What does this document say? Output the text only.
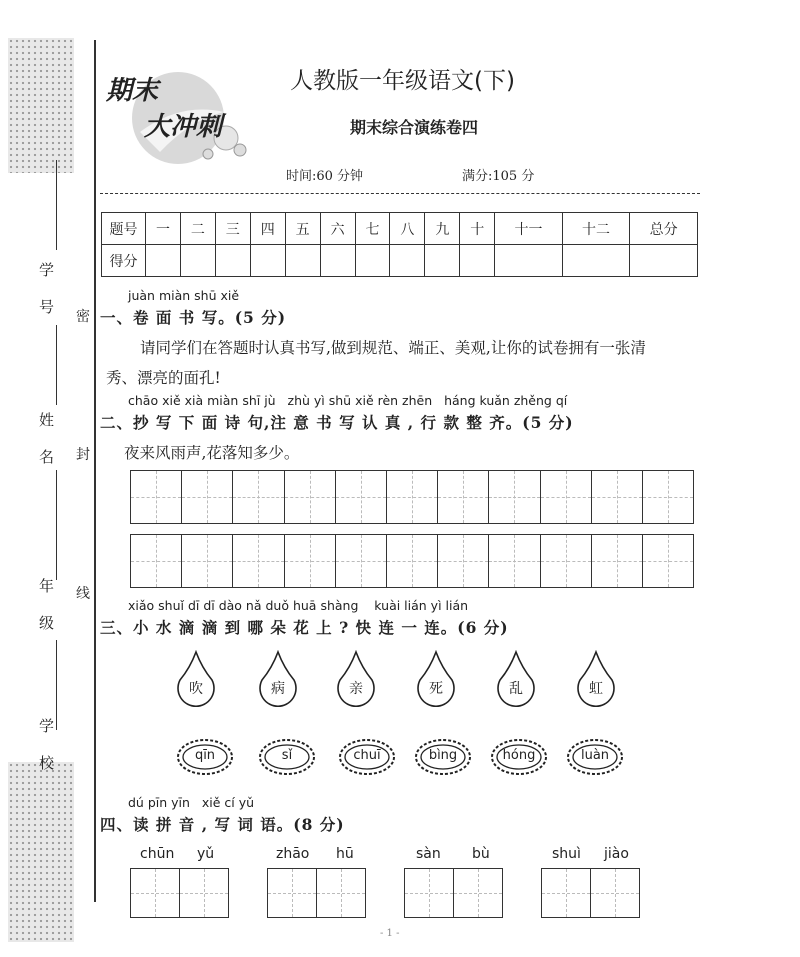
学号
姓名
年级
学校
密
封
线
期末
大冲刺
人教版一年级语文(下)
期末综合演练卷四
时间:60 分钟	满分:105 分
题号	一	二	三	四	五	六	七	八	九	十	十一	十二	总分
得分													
juàn miàn shū xiě
一、卷 面 书 写。(5 分)
请同学们在答题时认真书写,做到规范、端正、美观,让你的试卷拥有一张清
秀、漂亮的面孔!
chāo xiě xià miàn shī jù   zhù yì shū xiě rèn zhēn   háng kuǎn zhěng qí
二、抄 写 下 面 诗 句,注 意 书 写 认 真 , 行 款 整 齐。(5 分)
夜来风雨声,花落知多少。
xiǎo shuǐ dī dī dào nǎ duǒ huā shàng    kuài lián yì lián
三、小 水 滴 滴 到 哪 朵 花 上 ? 快 连 一 连。(6 分)
吹	病	亲	死	乱	虹
qīn	sǐ	chuī	bìng	hóng	luàn
dú pīn yīn   xiě cí yǔ
四、读 拼 音 , 写 词 语。(8 分)
chūn yǔ	zhāo hū	sàn bù	shuì jiào
- 1 -
